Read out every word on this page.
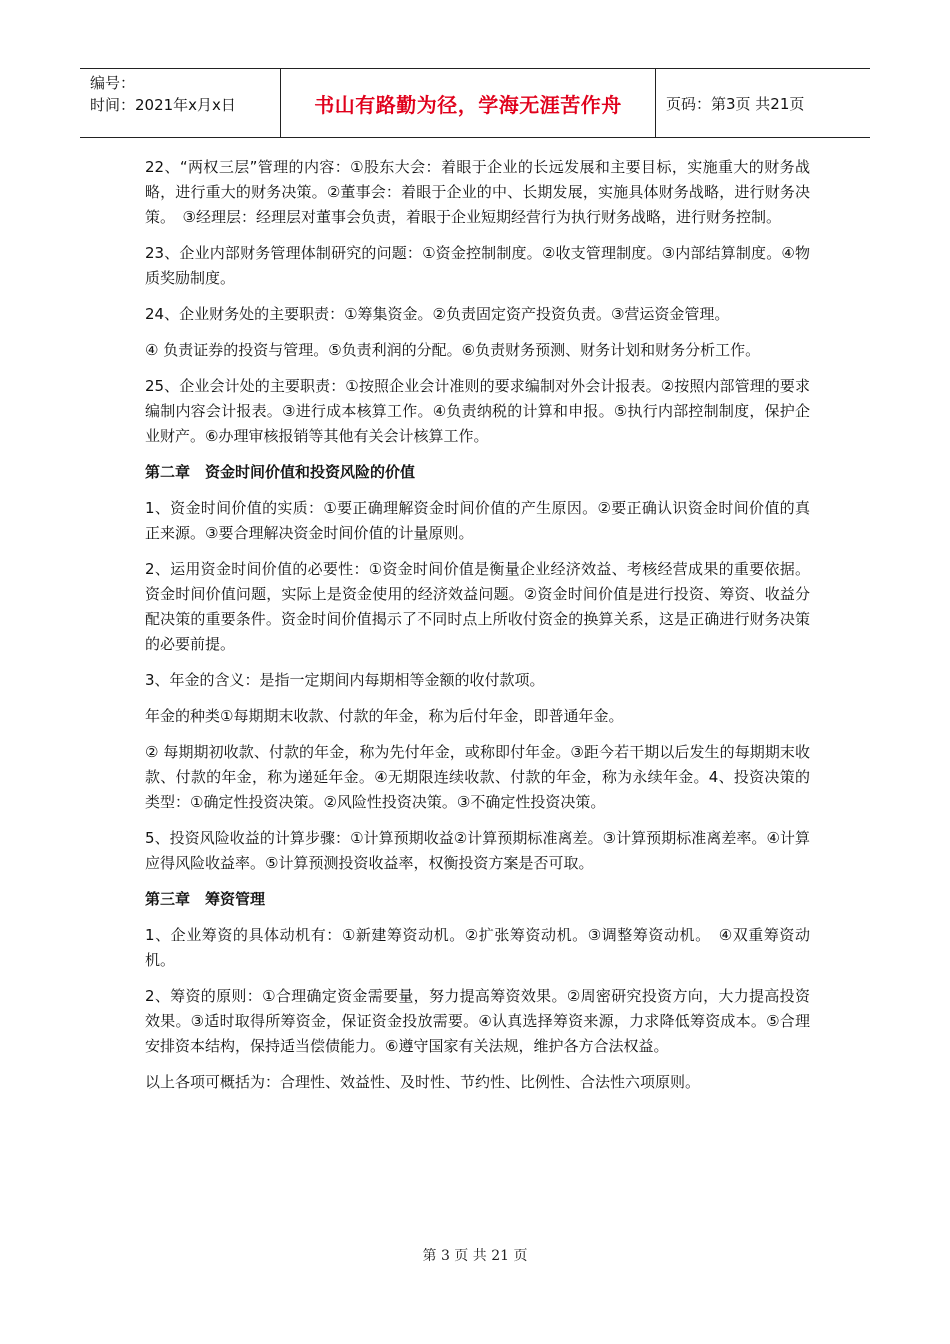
编号：
时间：2021年x月x日	书山有路勤为径，学海无涯苦作舟	页码：第3页 共21页

22、“两权三层”管理的内容：①股东大会：着眼于企业的长远发展和主要目标，实施重大的财务战略，进行重大的财务决策。②董事会：着眼于企业的中、长期发展，实施具体财务战略，进行财务决策。　③经理层：经理层对董事会负责，着眼于企业短期经营行为执行财务战略，进行财务控制。

23、企业内部财务管理体制研究的问题：①资金控制制度。②收支管理制度。③内部结算制度。④物质奖励制度。

24、企业财务处的主要职责：①筹集资金。②负责固定资产投资负责。③营运资金管理。

④ 负责证券的投资与管理。⑤负责利润的分配。⑥负责财务预测、财务计划和财务分析工作。

25、企业会计处的主要职责：①按照企业会计准则的要求编制对外会计报表。②按照内部管理的要求编制内容会计报表。③进行成本核算工作。④负责纳税的计算和申报。⑤执行内部控制制度，保护企业财产。⑥办理审核报销等其他有关会计核算工作。

第二章　资金时间价值和投资风险的价值

1、资金时间价值的实质：①要正确理解资金时间价值的产生原因。②要正确认识资金时间价值的真正来源。③要合理解决资金时间价值的计量原则。

2、运用资金时间价值的必要性：①资金时间价值是衡量企业经济效益、考核经营成果的重要依据。资金时间价值问题，实际上是资金使用的经济效益问题。②资金时间价值是进行投资、筹资、收益分配决策的重要条件。资金时间价值揭示了不同时点上所收付资金的换算关系，这是正确进行财务决策的必要前提。

3、年金的含义：是指一定期间内每期相等金额的收付款项。

年金的种类①每期期末收款、付款的年金，称为后付年金，即普通年金。

② 每期期初收款、付款的年金，称为先付年金，或称即付年金。③距今若干期以后发生的每期期末收款、付款的年金，称为递延年金。④无期限连续收款、付款的年金，称为永续年金。4、投资决策的类型：①确定性投资决策。②风险性投资决策。③不确定性投资决策。

5、投资风险收益的计算步骤：①计算预期收益②计算预期标准离差。③计算预期标准离差率。④计算应得风险收益率。⑤计算预测投资收益率，权衡投资方案是否可取。

第三章　筹资管理

1、企业筹资的具体动机有：①新建筹资动机。②扩张筹资动机。③调整筹资动机。　④双重筹资动机。

2、筹资的原则：①合理确定资金需要量，努力提高筹资效果。②周密研究投资方向，大力提高投资效果。③适时取得所筹资金，保证资金投放需要。④认真选择筹资来源，力求降低筹资成本。⑤合理安排资本结构，保持适当偿债能力。⑥遵守国家有关法规，维护各方合法权益。

以上各项可概括为：合理性、效益性、及时性、节约性、比例性、合法性六项原则。

第 3 页 共 21 页
